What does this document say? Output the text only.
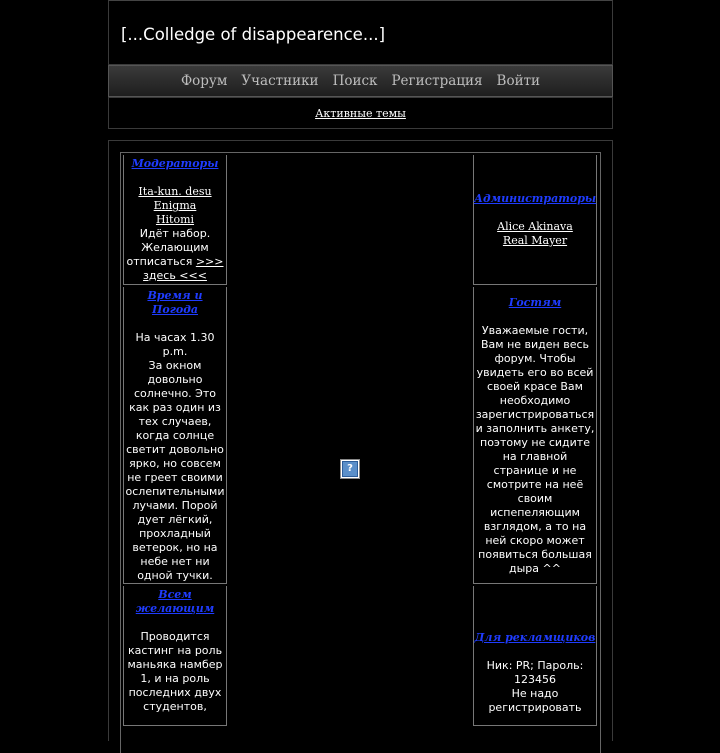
[...Colledge of disappearence...]
Форум Участники Поиск Регистрация Войти
Активные темы

Модераторы

Ita-kun. desu

Enigma

Hitomi

Идёт набор. Желающим отписаться >>> здесь <<<

Время и Погода

На часах 1.30 p.m.

За окном довольно солнечно. Это как раз один из тех случаев, когда солнце светит довольно ярко, но совсем не греет своими ослепительными лучами. Порой дует лёгкий, прохладный ветерок, но на небе нет ни одной тучки.

Всем желающим

Проводится кастинг на роль маньяка намбер 1, и на роль последних двух студентов,

Администраторы

Alice Akinava

Real Mayer

Гостям

Уважаемые гости, Вам не виден весь форум. Чтобы увидеть его во всей своей красе Вам необходимо зарегистрироваться и заполнить анкету, поэтому не сидите на главной странице и не смотрите на неё своим испепеляющим взглядом, а то на ней скоро может появиться большая дыра ^^

Для рекламщиков

Ник: PR; Пароль: 123456

Не надо регистрировать

?
